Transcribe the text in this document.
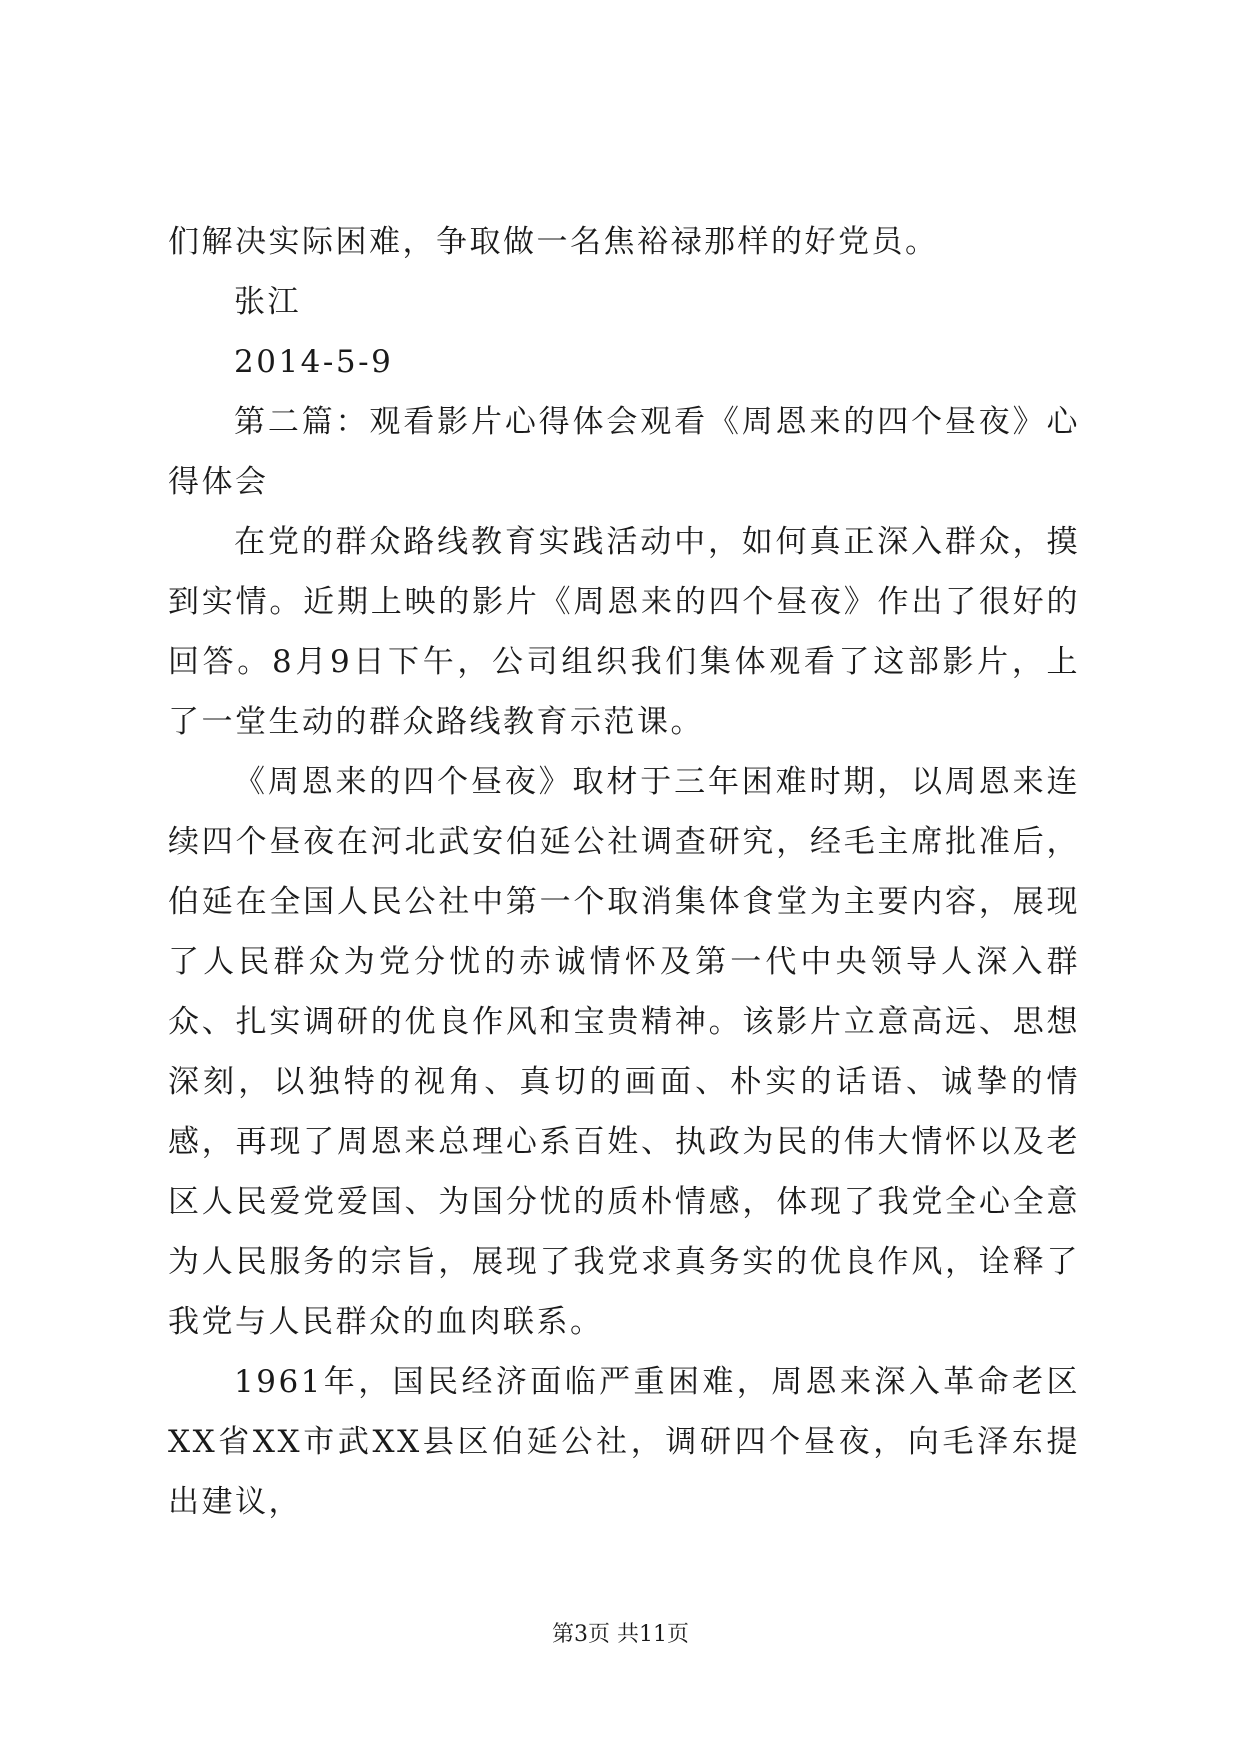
们解决实际困难，争取做一名焦裕禄那样的好党员。

张江

2014-5-9

第二篇：观看影片心得体会观看《周恩来的四个昼夜》心得体会

在党的群众路线教育实践活动中，如何真正深入群众，摸到实情。近期上映的影片《周恩来的四个昼夜》作出了很好的回答。8月9日下午，公司组织我们集体观看了这部影片，上了一堂生动的群众路线教育示范课。

《周恩来的四个昼夜》取材于三年困难时期，以周恩来连续四个昼夜在河北武安伯延公社调查研究，经毛主席批准后，伯延在全国人民公社中第一个取消集体食堂为主要内容，展现了人民群众为党分忧的赤诚情怀及第一代中央领导人深入群众、扎实调研的优良作风和宝贵精神。该影片立意高远、思想深刻，以独特的视角、真切的画面、朴实的话语、诚挚的情感，再现了周恩来总理心系百姓、执政为民的伟大情怀以及老区人民爱党爱国、为国分忧的质朴情感，体现了我党全心全意为人民服务的宗旨，展现了我党求真务实的优良作风，诠释了我党与人民群众的血肉联系。

1961年，国民经济面临严重困难，周恩来深入革命老区XX省XX市武XX县区伯延公社，调研四个昼夜，向毛泽东提出建议，

第3页 共11页
